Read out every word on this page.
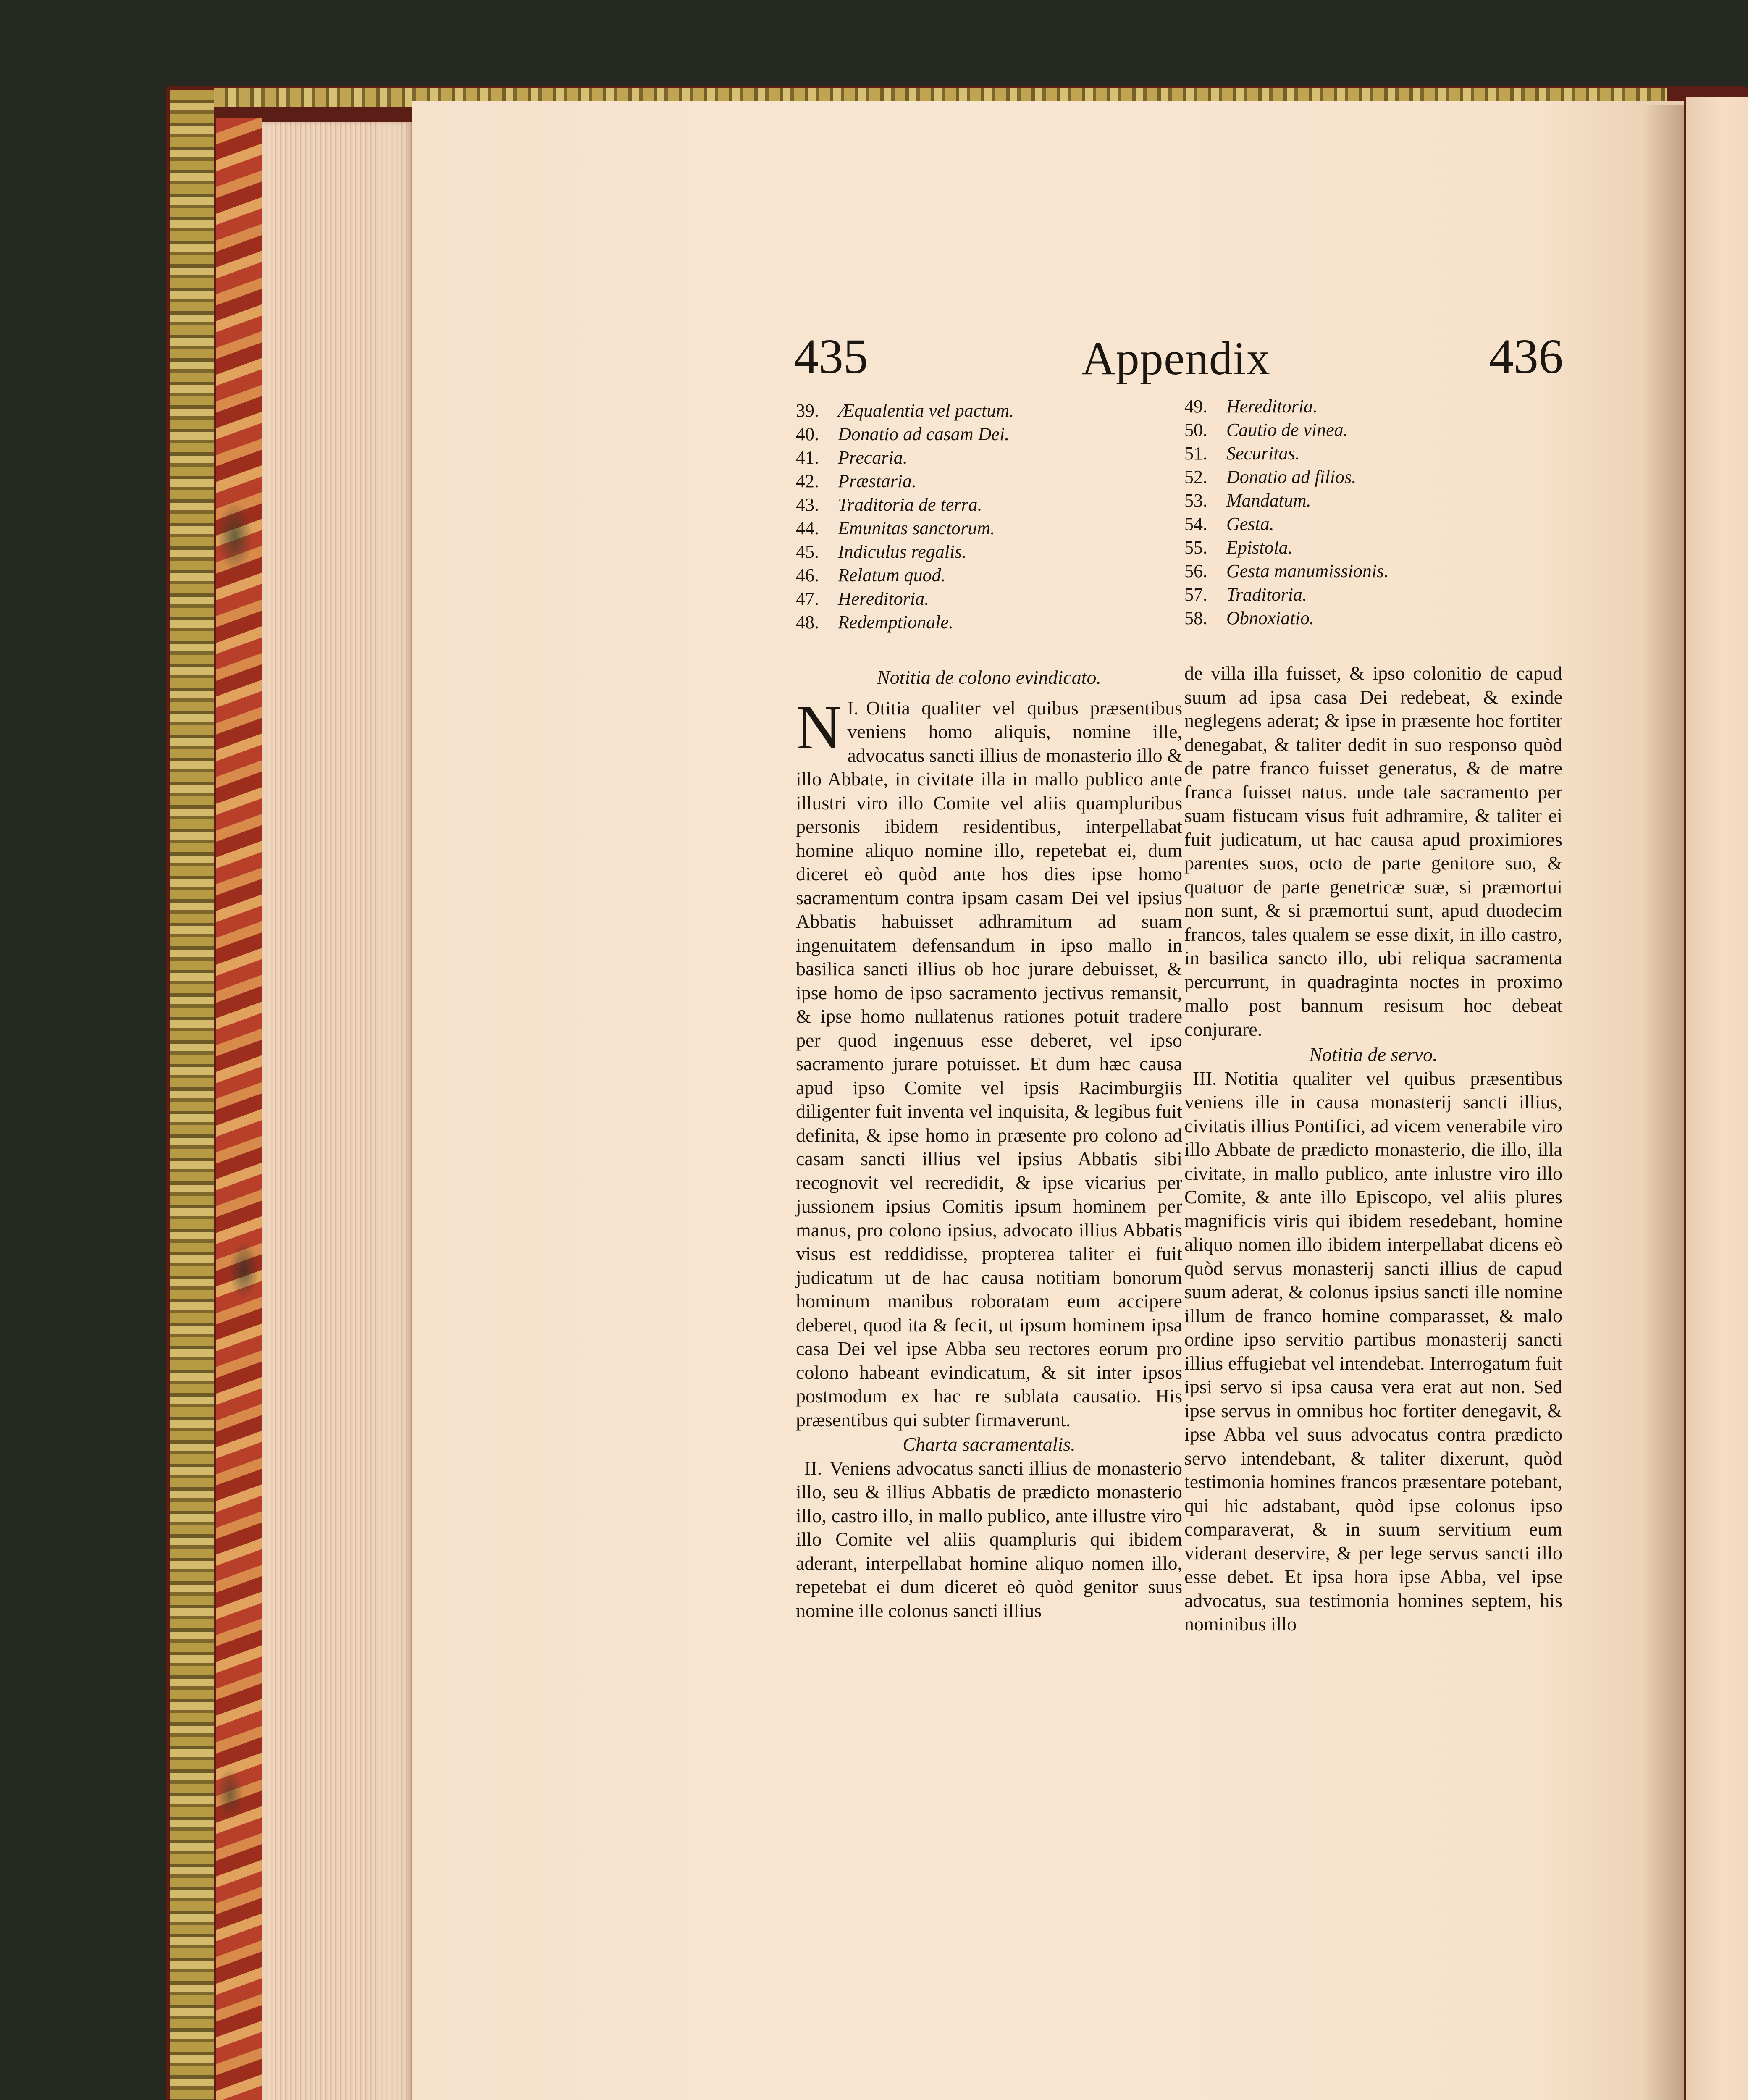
435	Appendix	436
39. Æqualentia vel pactum.
40. Donatio ad casam Dei.
41. Precaria.
42. Præstaria.
43. Traditoria de terra.
44. Emunitas sanctorum.
45. Indiculus regalis.
46. Relatum quod.
47. Hereditoria.
48. Redemptionale.
49. Hereditoria.
50. Cautio de vinea.
51. Securitas.
52. Donatio ad filios.
53. Mandatum.
54. Gesta.
55. Epistola.
56. Gesta manumissionis.
57. Traditoria.
58. Obnoxiatio.
Notitia de colono evindicato.

I.
N Otitia qualiter vel quibus præsentibus veniens homo aliquis, nomine ille, advocatus sancti illius de monasterio illo & illo Abbate, in civitate illa in mallo publico ante illustri viro illo Comite vel aliis quampluribus personis ibidem residentibus, interpellabat homine aliquo nomine illo, repetebat ei, dum diceret eò quòd ante hos dies ipse homo sacramentum contra ipsam casam Dei vel ipsius Abbatis habuisset adhramitum ad suam ingenuitatem defensandum in ipso mallo in basilica sancti illius ob hoc jurare debuisset, & ipse homo de ipso sacramento jectivus remansit, & ipse homo nullatenus rationes potuit tradere per quod ingenuus esse deberet, vel ipso sacramento jurare potuisset. Et dum hæc causa apud ipso Comite vel ipsis Racimburgiis diligenter fuit inventa vel inquisita, & legibus fuit definita, & ipse homo in præsente pro colono ad casam sancti illius vel ipsius Abbatis sibi recognovit vel recredidit, & ipse vicarius per jussionem ipsius Comitis ipsum hominem per manus, pro colono ipsius, advocato illius Abbatis visus est reddidisse, propterea taliter ei fuit judicatum ut de hac causa notitiam bonorum hominum manibus roboratam eum accipere deberet, quod ita & fecit, ut ipsum hominem ipsa casa Dei vel ipse Abba seu rectores eorum pro colono habeant evindicatum, & sit inter ipsos postmodum ex hac re sublata causatio. His præsentibus qui subter firmaverunt.

Charta sacramentalis.

II. Veniens advocatus sancti illius de monasterio illo, seu & illius Abbatis de prædicto monasterio illo, castro illo, in mallo publico, ante illustre viro illo Comite vel aliis quampluris qui ibidem aderant, interpellabat homine aliquo nomen illo, repetebat ei dum diceret eò quòd genitor suus nomine ille colonus sancti illius

de villa illa fuisset, & ipso colonitio de capud suum ad ipsa casa Dei redebeat, & exinde neglegens aderat; & ipse in præsente hoc fortiter denegabat, & taliter dedit in suo responso quòd de patre franco fuisset generatus, & de matre franca fuisset natus. unde tale sacramento per suam fistucam visus fuit adhramire, & taliter ei fuit judicatum, ut hac causa apud proximiores parentes suos, octo de parte genitore suo, & quatuor de parte genetricæ suæ, si præmortui non sunt, & si præmortui sunt, apud duodecim francos, tales qualem se esse dixit, in illo castro, in basilica sancto illo, ubi reliqua sacramenta percurrunt, in quadraginta noctes in proximo mallo post bannum resisum hoc debeat conjurare.

Notitia de servo.

III. Notitia qualiter vel quibus præsentibus veniens ille in causa monasterij sancti illius, civitatis illius Pontifici, ad vicem venerabile viro illo Abbate de prædicto monasterio, die illo, illa civitate, in mallo publico, ante inlustre viro illo Comite, & ante illo Episcopo, vel aliis plures magnificis viris qui ibidem resedebant, homine aliquo nomen illo ibidem interpellabat dicens eò quòd servus monasterij sancti illius de capud suum aderat, & colonus ipsius sancti ille nomine illum de franco homine comparasset, & malo ordine ipso servitio partibus monasterij sancti illius effugiebat vel intendebat. Interrogatum fuit ipsi servo si ipsa causa vera erat aut non. Sed ipse servus in omnibus hoc fortiter denegavit, & ipse Abba vel suus advocatus contra prædicto servo intendebant, & taliter dixerunt, quòd testimonia homines francos præsentare potebant, qui hic adstabant, quòd ipse colonus ipso comparaverat, & in suum servitium eum viderant deservire, & per lege servus sancti illo esse debet. Et ipsa hora ipse Abba, vel ipse advocatus, sua testimonia homines septem, his nominibus illo
